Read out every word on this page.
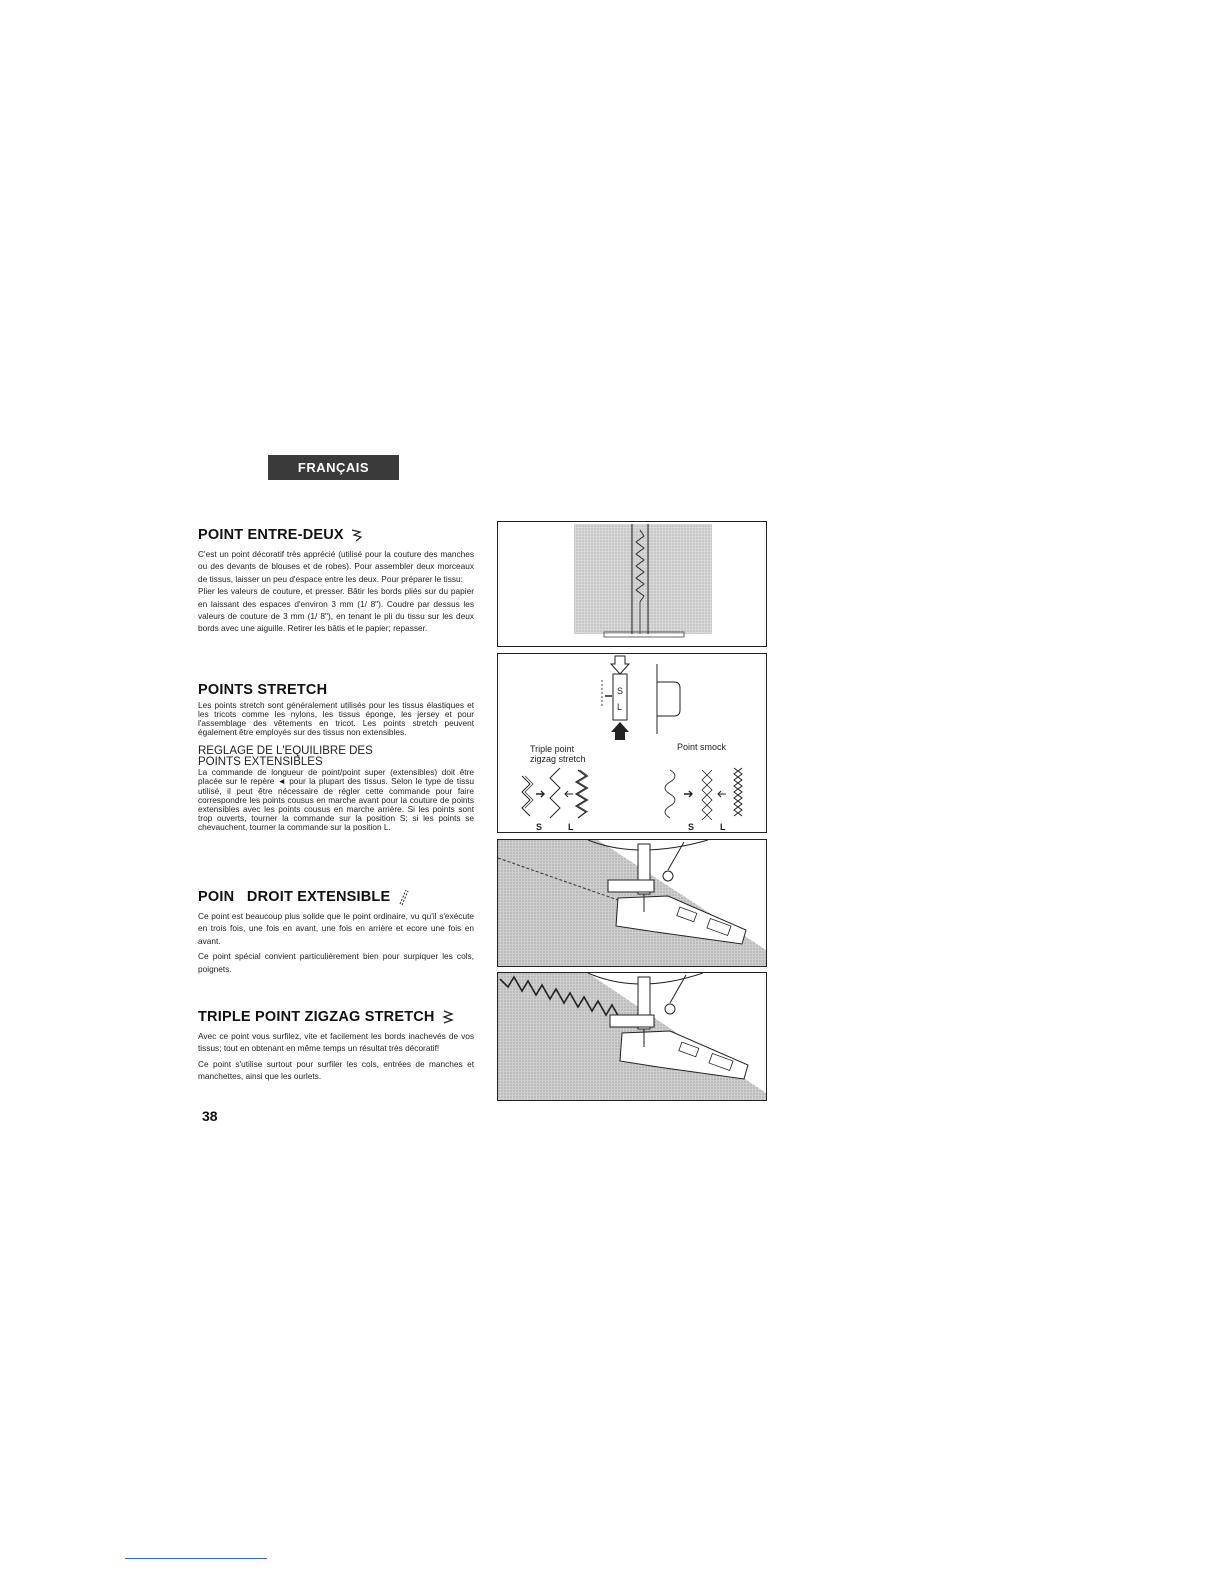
FRANÇAIS
POINT ENTRE-DEUX

C'est un point décoratif très apprécié (utilisé pour la couture des manches ou des devants de blouses et de robes). Pour assembler deux morceaux de tissus, laisser un peu d'espace entre les deux. Pour préparer le tissu:

Plier les valeurs de couture, et presser. Bâtir les bords pliés sur du papier en laissant des espaces d'environ 3 mm (1/ 8"). Coudre par dessus les valeurs de couture de 3 mm (1/ 8"), en tenant le pli du tissu sur les deux bords avec une aiguille. Retirer les bâtis et le papier; repasser.

POINTS STRETCH

Les points stretch sont généralement utilisés pour les tissus élastiques et les tricots comme les nylons, les tissus éponge, les jersey et pour l'assemblage des vêtements en tricot. Les points stretch peuvent également être employés sur des tissus non extensibles.

REGLAGE DE L'EQUILIBRE DES
POINTS EXTENSIBLES

La commande de longueur de point/point super (extensibles) doit être placée sur le repère ◄ pour la plupart des tissus. Selon le type de tissu utilisé, il peut être nécessaire de régler cette commande pour faire correspondre les points cousus en marche avant pour la couture de points extensibles avec les points cousus en marche arrière. Si les points sont trop ouverts, tourner la commande sur la position S; si les points se chevauchent, tourner la commande sur la position L.

POIN   DROIT EXTENSIBLE

Ce point est beaucoup plus solide que le point ordinaire, vu qu'il s'exécute en trois fois, une fois en avant, une fois en arrière et ecore une fois en avant.

Ce point spécial convient particulièrement bien pour surpiquer les cols, poignets.

TRIPLE POINT ZIGZAG STRETCH

Avec ce point vous surfilez, vite et facilement les bords inachevés de vos tissus; tout en obtenant en même temps un résultat très décoratif!

Ce point s'utilise surtout pour surfiler les cols, entrées de manches et manchettes, ainsi que les ourlets.

38
S
L
Triple point
zigzag stretch
Point smock
S	L	S	L
